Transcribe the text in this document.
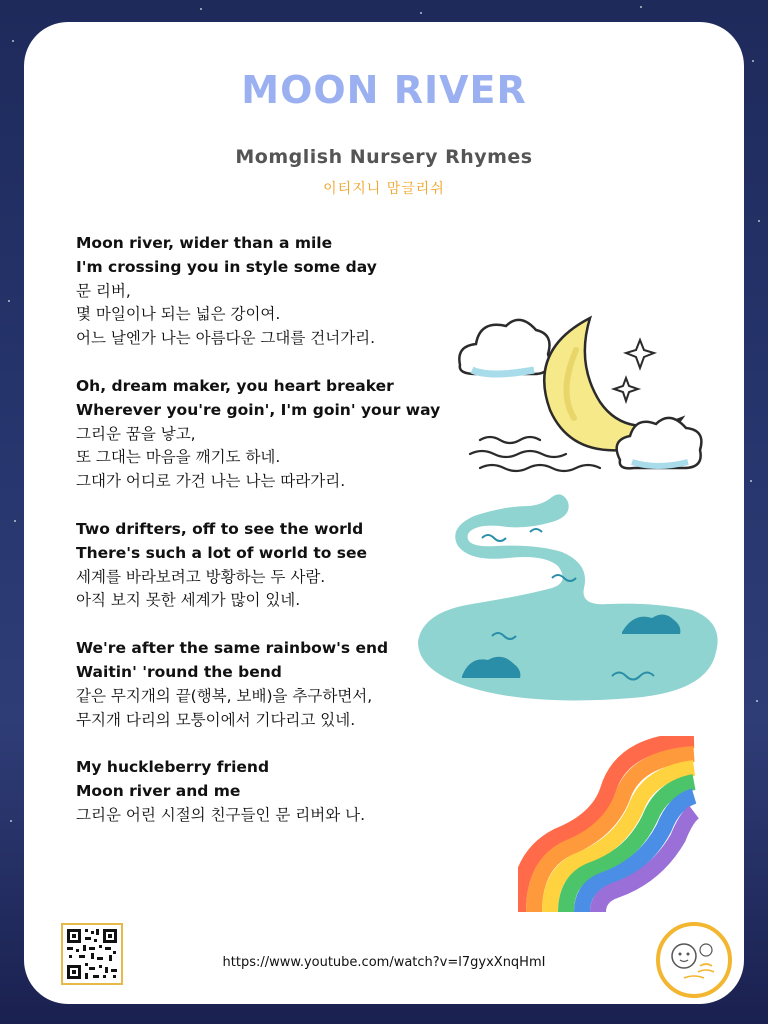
MOON RIVER
Momglish Nursery Rhymes
이티지니 맘글리쉬
Moon river, wider than a mile
I'm crossing you in style some day
문 리버,
몇 마일이나 되는 넓은 강이여.
어느 날엔가 나는 아름다운 그대를 건너가리.
Oh, dream maker, you heart breaker
Wherever you're goin', I'm goin' your way
그리운 꿈을 낳고,
또 그대는 마음을 깨기도 하네.
그대가 어디로 가건 나는 나는 따라가리.
Two drifters, off to see the world
There's such a lot of world to see
세계를 바라보려고 방황하는 두 사람.
아직 보지 못한 세계가 많이 있네.
We're after the same rainbow's end
Waitin' 'round the bend
같은 무지개의 끝(행복, 보배)을 추구하면서,
무지개 다리의 모퉁이에서 기다리고 있네.
My huckleberry friend
Moon river and me
그리운 어린 시절의 친구들인 문 리버와 나.
https://www.youtube.com/watch?v=l7gyxXnqHmI
